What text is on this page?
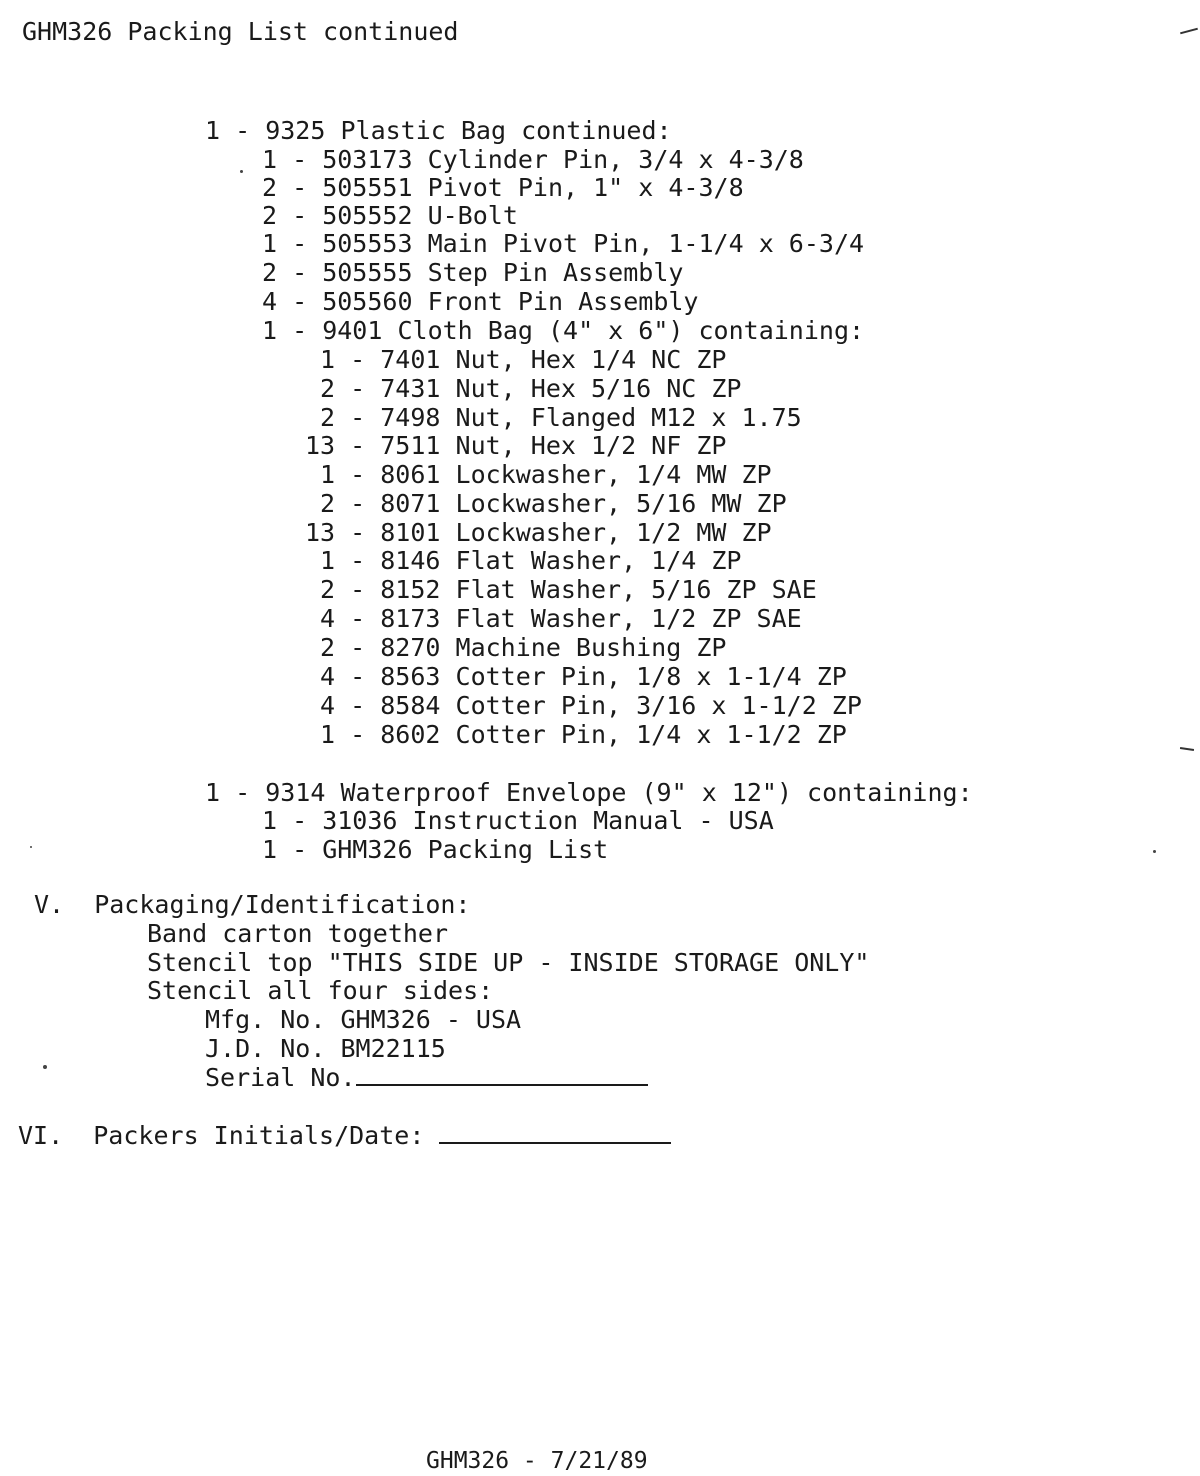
GHM326 Packing List continued
1 - 9325 Plastic Bag continued:
1 - 503173 Cylinder Pin, 3/4 x 4-3/8
2 - 505551 Pivot Pin, 1" x 4-3/8
2 - 505552 U-Bolt
1 - 505553 Main Pivot Pin, 1-1/4 x 6-3/4
2 - 505555 Step Pin Assembly
4 - 505560 Front Pin Assembly
1 - 9401 Cloth Bag (4" x 6") containing:
1 - 7401 Nut, Hex 1/4 NC ZP
2 - 7431 Nut, Hex 5/16 NC ZP
2 - 7498 Nut, Flanged M12 x 1.75
13 - 7511 Nut, Hex 1/2 NF ZP
1 - 8061 Lockwasher, 1/4 MW ZP
2 - 8071 Lockwasher, 5/16 MW ZP
13 - 8101 Lockwasher, 1/2 MW ZP
1 - 8146 Flat Washer, 1/4 ZP
2 - 8152 Flat Washer, 5/16 ZP SAE
4 - 8173 Flat Washer, 1/2 ZP SAE
2 - 8270 Machine Bushing ZP
4 - 8563 Cotter Pin, 1/8 x 1-1/4 ZP
4 - 8584 Cotter Pin, 3/16 x 1-1/2 ZP
1 - 8602 Cotter Pin, 1/4 x 1-1/2 ZP
1 - 9314 Waterproof Envelope (9" x 12") containing:
1 - 31036 Instruction Manual - USA
1 - GHM326 Packing List
V.  Packaging/Identification:
Band carton together
Stencil top "THIS SIDE UP - INSIDE STORAGE ONLY"
Stencil all four sides:
Mfg. No. GHM326 - USA
J.D. No. BM22115
Serial No.
VI.  Packers Initials/Date:
GHM326 - 7/21/89
